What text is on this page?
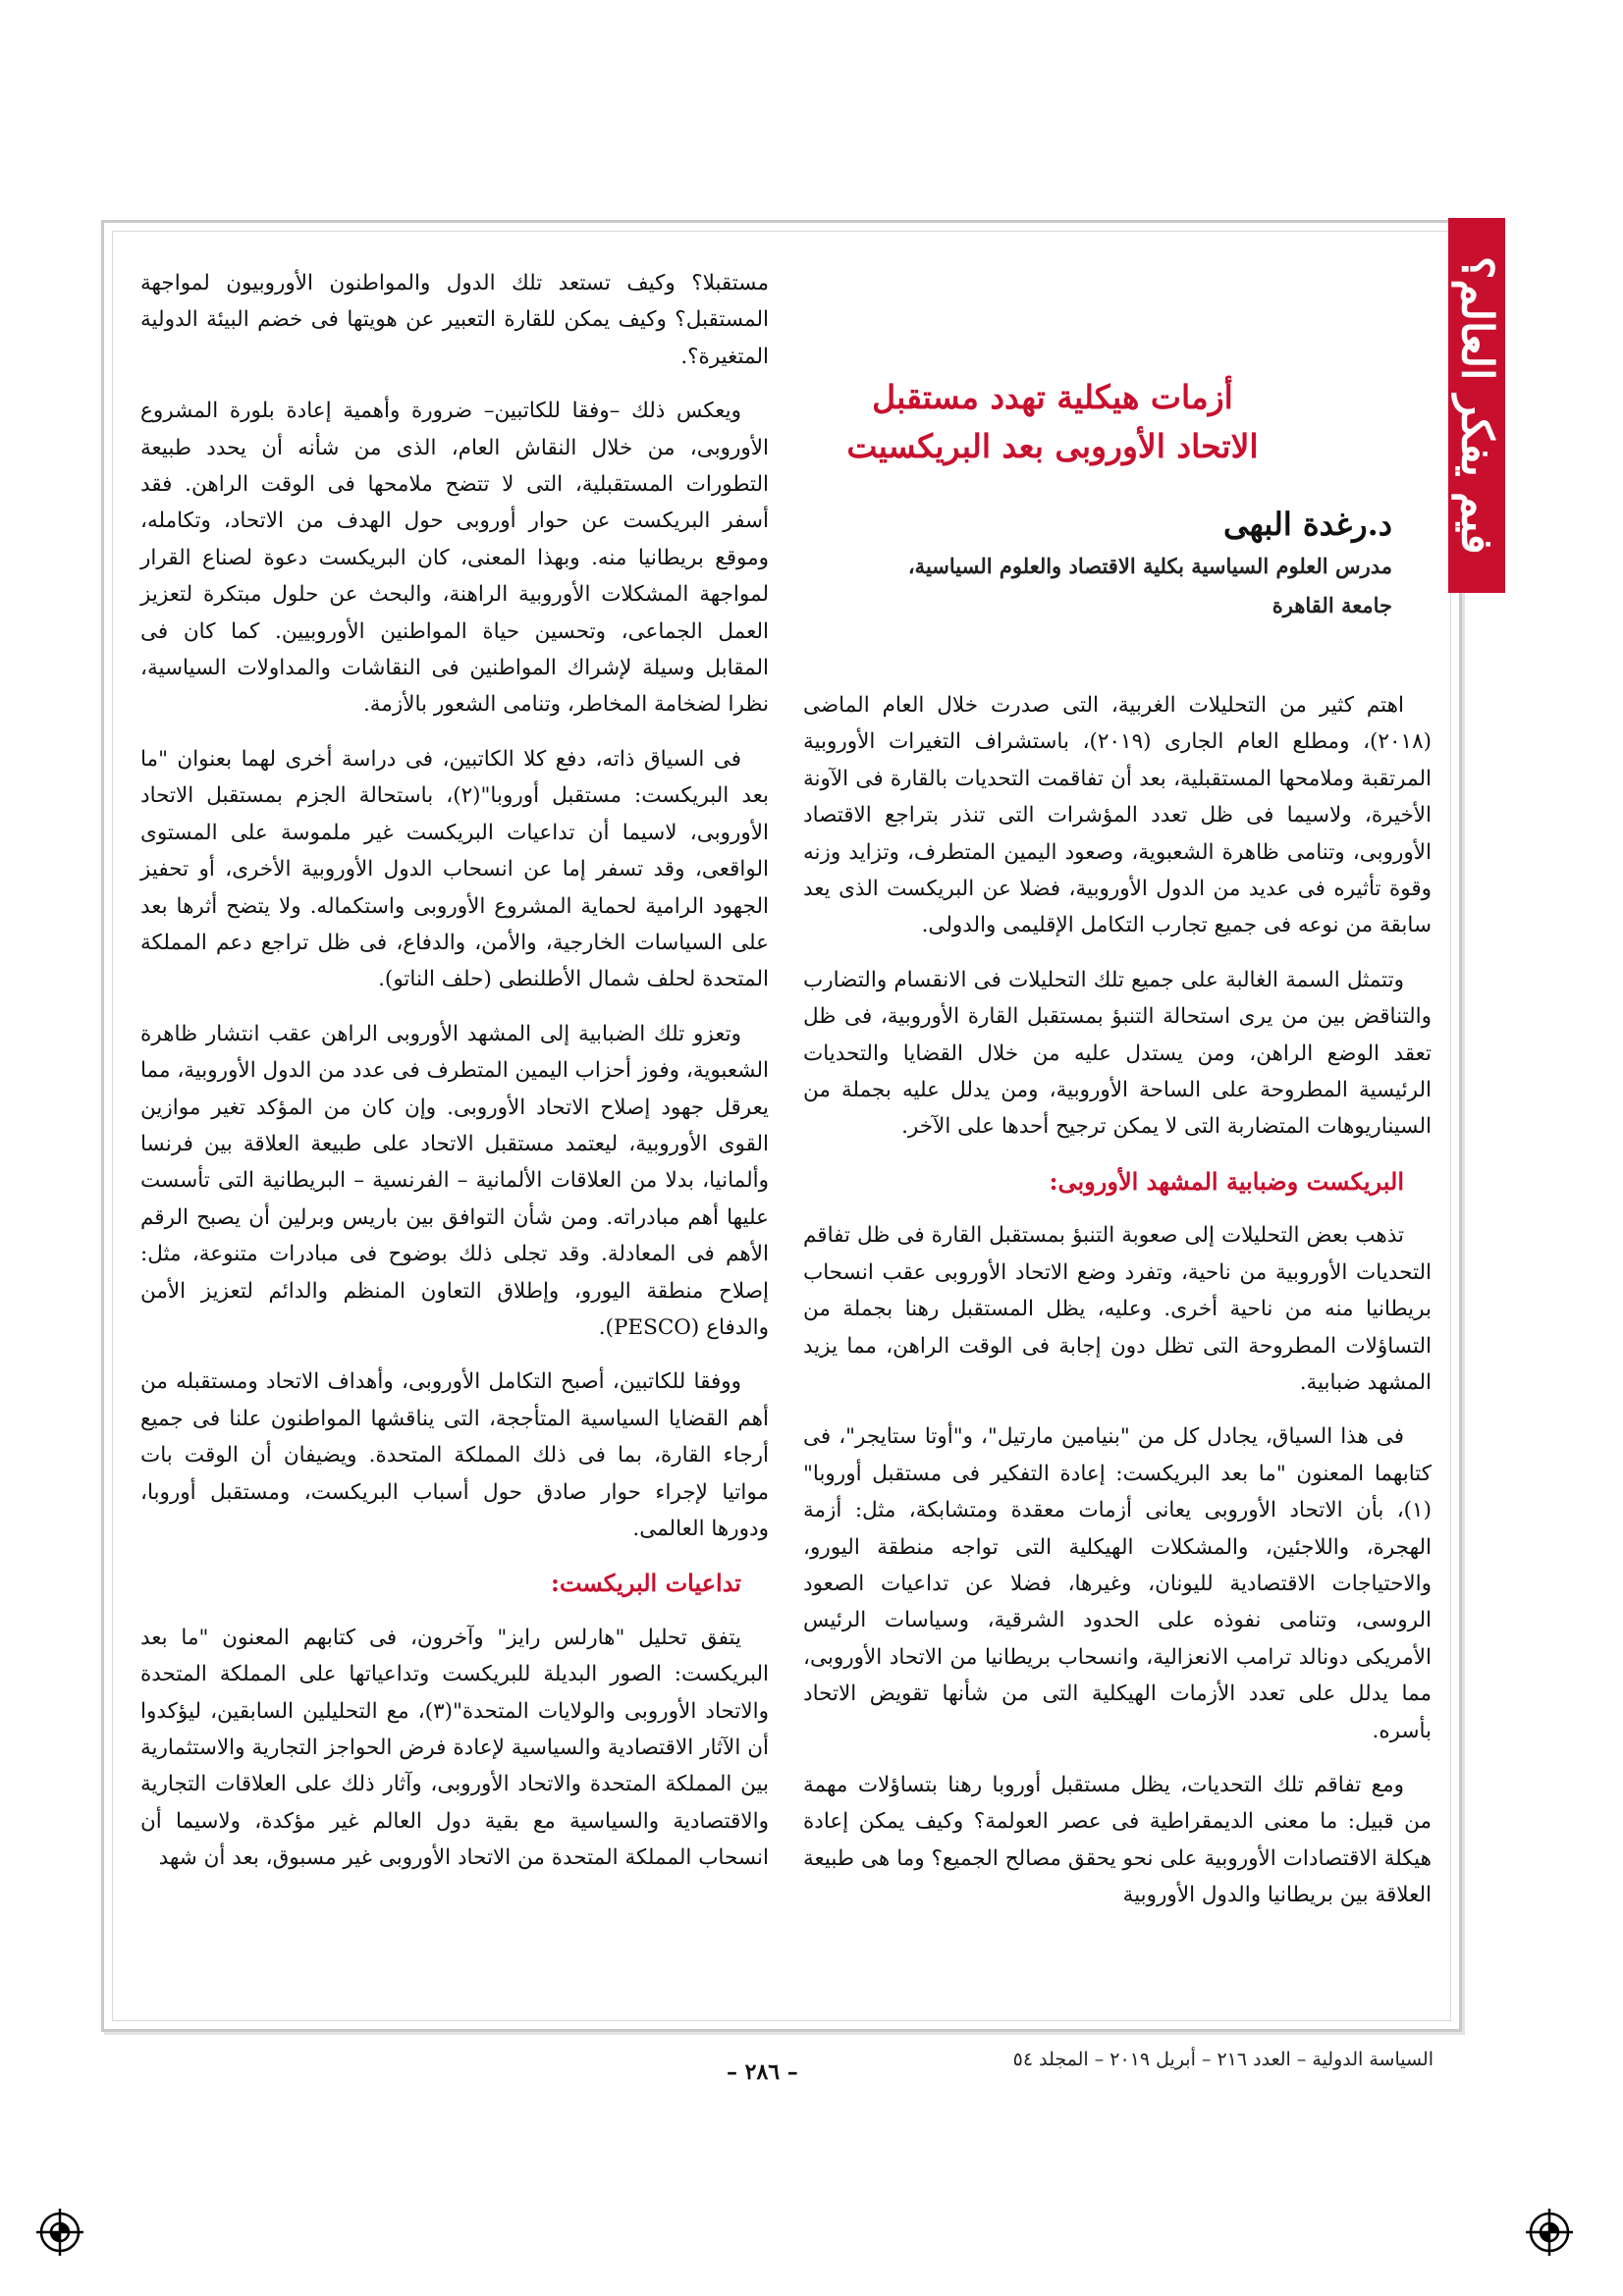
فيم يفكر العالم؟
أزمات هيكلية تهدد مستقبل
الاتحاد الأوروبى بعد البريكسيت
د.رغدة البهى
مدرس العلوم السياسية بكلية الاقتصاد والعلوم السياسية،
جامعة القاهرة

اهتم كثير من التحليلات الغربية، التى صدرت خلال العام الماضى (٢٠١٨)، ومطلع العام الجارى (٢٠١٩)، باستشراف التغيرات الأوروبية المرتقبة وملامحها المستقبلية، بعد أن تفاقمت التحديات بالقارة فى الآونة الأخيرة، ولاسيما فى ظل تعدد المؤشرات التى تنذر بتراجع الاقتصاد الأوروبى، وتنامى ظاهرة الشعبوية، وصعود اليمين المتطرف، وتزايد وزنه وقوة تأثيره فى عديد من الدول الأوروبية، فضلا عن البريكست الذى يعد سابقة من نوعه فى جميع تجارب التكامل الإقليمى والدولى.

وتتمثل السمة الغالبة على جميع تلك التحليلات فى الانقسام والتضارب والتناقض بين من يرى استحالة التنبؤ بمستقبل القارة الأوروبية، فى ظل تعقد الوضع الراهن، ومن يستدل عليه من خلال القضايا والتحديات الرئيسية المطروحة على الساحة الأوروبية، ومن يدلل عليه بجملة من السيناريوهات المتضاربة التى لا يمكن ترجيح أحدها على الآخر.

البريكست وضبابية المشهد الأوروبى:

تذهب بعض التحليلات إلى صعوبة التنبؤ بمستقبل القارة فى ظل تفاقم التحديات الأوروبية من ناحية، وتفرد وضع الاتحاد الأوروبى عقب انسحاب بريطانيا منه من ناحية أخرى. وعليه، يظل المستقبل رهنا بجملة من التساؤلات المطروحة التى تظل دون إجابة فى الوقت الراهن، مما يزيد المشهد ضبابية.

فى هذا السياق، يجادل كل من "بنيامين مارتيل"، و"أوتا ستايجر"، فى كتابهما المعنون "ما بعد البريكست: إعادة التفكير فى مستقبل أوروبا"(١)، بأن الاتحاد الأوروبى يعانى أزمات معقدة ومتشابكة، مثل: أزمة الهجرة، واللاجئين، والمشكلات الهيكلية التى تواجه منطقة اليورو، والاحتياجات الاقتصادية لليونان، وغيرها، فضلا عن تداعيات الصعود الروسى، وتنامى نفوذه على الحدود الشرقية، وسياسات الرئيس الأمريكى دونالد ترامب الانعزالية، وانسحاب بريطانيا من الاتحاد الأوروبى، مما يدلل على تعدد الأزمات الهيكلية التى من شأنها تقويض الاتحاد بأسره.

ومع تفاقم تلك التحديات، يظل مستقبل أوروبا رهنا بتساؤلات مهمة من قبيل: ما معنى الديمقراطية فى عصر العولمة؟ وكيف يمكن إعادة هيكلة الاقتصادات الأوروبية على نحو يحقق مصالح الجميع؟ وما هى طبيعة العلاقة بين بريطانيا والدول الأوروبية

مستقبلا؟ وكيف تستعد تلك الدول والمواطنون الأوروبيون لمواجهة المستقبل؟ وكيف يمكن للقارة التعبير عن هويتها فى خضم البيئة الدولية المتغيرة؟.

ويعكس ذلك –وفقا للكاتبين– ضرورة وأهمية إعادة بلورة المشروع الأوروبى، من خلال النقاش العام، الذى من شأنه أن يحدد طبيعة التطورات المستقبلية، التى لا تتضح ملامحها فى الوقت الراهن. فقد أسفر البريكست عن حوار أوروبى حول الهدف من الاتحاد، وتكامله، وموقع بريطانيا منه. وبهذا المعنى، كان البريكست دعوة لصناع القرار لمواجهة المشكلات الأوروبية الراهنة، والبحث عن حلول مبتكرة لتعزيز العمل الجماعى، وتحسين حياة المواطنين الأوروبيين. كما كان فى المقابل وسيلة لإشراك المواطنين فى النقاشات والمداولات السياسية، نظرا لضخامة المخاطر، وتنامى الشعور بالأزمة.

فى السياق ذاته، دفع كلا الكاتبين، فى دراسة أخرى لهما بعنوان "ما بعد البريكست: مستقبل أوروبا"(٢)، باستحالة الجزم بمستقبل الاتحاد الأوروبى، لاسيما أن تداعيات البريكست غير ملموسة على المستوى الواقعى، وقد تسفر إما عن انسحاب الدول الأوروبية الأخرى، أو تحفيز الجهود الرامية لحماية المشروع الأوروبى واستكماله. ولا يتضح أثرها بعد على السياسات الخارجية، والأمن، والدفاع، فى ظل تراجع دعم المملكة المتحدة لحلف شمال الأطلنطى (حلف الناتو).

وتعزو تلك الضبابية إلى المشهد الأوروبى الراهن عقب انتشار ظاهرة الشعبوية، وفوز أحزاب اليمين المتطرف فى عدد من الدول الأوروبية، مما يعرقل جهود إصلاح الاتحاد الأوروبى. وإن كان من المؤكد تغير موازين القوى الأوروبية، ليعتمد مستقبل الاتحاد على طبيعة العلاقة بين فرنسا وألمانيا، بدلا من العلاقات الألمانية – الفرنسية – البريطانية التى تأسست عليها أهم مبادراته. ومن شأن التوافق بين باريس وبرلين أن يصبح الرقم الأهم فى المعادلة. وقد تجلى ذلك بوضوح فى مبادرات متنوعة، مثل: إصلاح منطقة اليورو، وإطلاق التعاون المنظم والدائم لتعزيز الأمن والدفاع (PESCO).

ووفقا للكاتبين، أصبح التكامل الأوروبى، وأهداف الاتحاد ومستقبله من أهم القضايا السياسية المتأججة، التى يناقشها المواطنون علنا فى جميع أرجاء القارة، بما فى ذلك المملكة المتحدة. ويضيفان أن الوقت بات مواتيا لإجراء حوار صادق حول أسباب البريكست، ومستقبل أوروبا، ودورها العالمى.

تداعيات البريكست:

يتفق تحليل "هارلس رايز" وآخرون، فى كتابهم المعنون "ما بعد البريكست: الصور البديلة للبريكست وتداعياتها على المملكة المتحدة والاتحاد الأوروبى والولايات المتحدة"(٣)، مع التحليلين السابقين، ليؤكدوا أن الآثار الاقتصادية والسياسية لإعادة فرض الحواجز التجارية والاستثمارية بين المملكة المتحدة والاتحاد الأوروبى، وآثار ذلك على العلاقات التجارية والاقتصادية والسياسية مع بقية دول العالم غير مؤكدة، ولاسيما أن انسحاب المملكة المتحدة من الاتحاد الأوروبى غير مسبوق، بعد أن شهد

– ٢٨٦ –	السياسة الدولية – العدد ٢١٦ – أبريل ٢٠١٩ – المجلد ٥٤
